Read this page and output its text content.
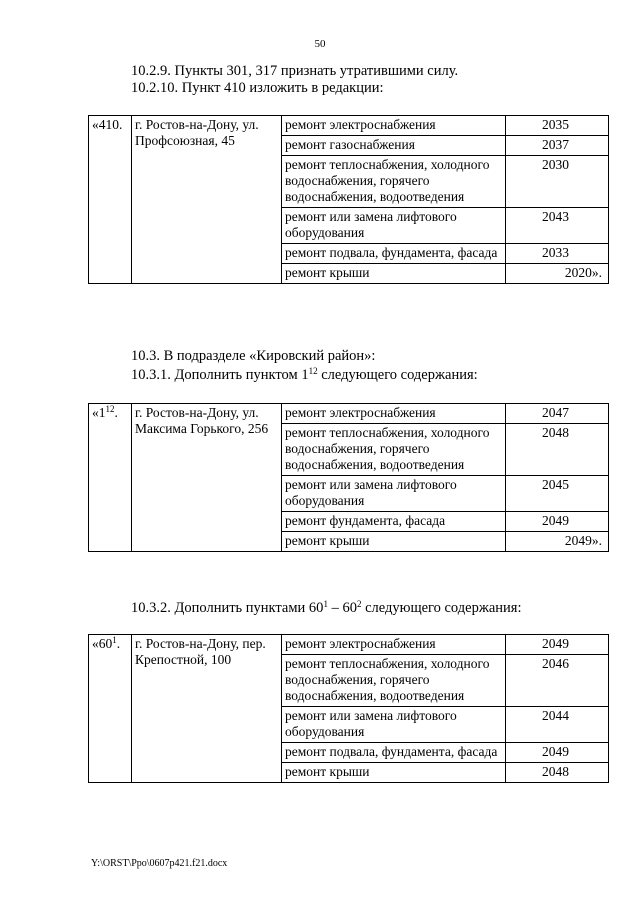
50
10.2.9. Пункты 301, 317 признать утратившими силу.
10.2.10. Пункт 410 изложить в редакции:
«410.	г. Ростов-на-Дону, ул. Профсоюзная, 45	ремонт электроснабжения	2035
		ремонт газоснабжения	2037
		ремонт теплоснабжения, холодного водоснабжения, горячего водоснабжения, водоотведения	2030
		ремонт или замена лифтового оборудования	2043
		ремонт подвала, фундамента, фасада	2033
		ремонт крыши	2020».
10.3. В подразделе «Кировский район»:
10.3.1. Дополнить пунктом $1^{12}$ следующего содержания:
«$1^{12}$.	г. Ростов-на-Дону, ул. Максима Горького, 256	ремонт электроснабжения	2047
		ремонт теплоснабжения, холодного водоснабжения, горячего водоснабжения, водоотведения	2048
		ремонт или замена лифтового оборудования	2045
		ремонт фундамента, фасада	2049
		ремонт крыши	2049».
10.3.2. Дополнить пунктами $60^1 - 60^2$ следующего содержания:
«$60^1$.	г. Ростов-на-Дону, пер. Крепостной, 100	ремонт электроснабжения	2049
		ремонт теплоснабжения, холодного водоснабжения, горячего водоснабжения, водоотведения	2046
		ремонт или замена лифтового оборудования	2044
		ремонт подвала, фундамента, фасада	2049
		ремонт крыши	2048
Y:\ORST\Ppo\0607p421.f21.docx
